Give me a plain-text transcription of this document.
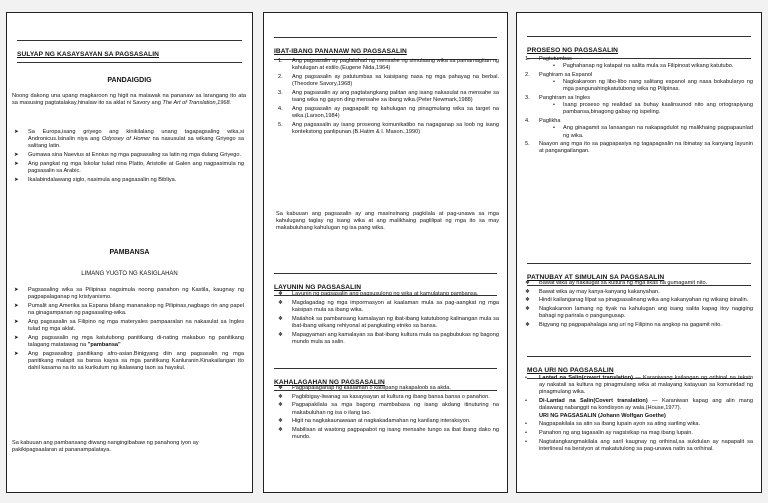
SULYAP NG KASAYSAYAN SA PAGSASALIN
PANDAIGDIG
Noong dakong una upang magkaroon ng higit na malawak na pananaw sa larangang ito ata sa masusing pagtatalakay,hinalaw ito sa aklat ni Savory ang The Art of Translation,1968.
➤ Sa Europa,isang griyego ang kinikilalang unang tagapagsaling wika,si Andronicus.Isinalin niya ang Odyssey of Homer na nasusulat sa wikang Griyego sa salitang latin.
➤ Gumawa sina Naevius at Ennius ng mga pagsasaling sa latin ng mga dulang Griyego.
➤ Ang pangkat ng mga Iskolar tulad nina Platto, Aristotle at Galen ang nagpasimula ng pagsasalin sa Arabic.
➤ Ikalabindalawang siglo, nasimula ang pagsasalin ng Bibliya.
PAMBANSA
LIMANG YUGTO NG KASIGLAHAN
➤ Pagsasaling wika sa Pilipinas nagsimula noong panahon ng Kastila, kaugnay ng pagpapalaganap ng kristyanismo.
➤ Pumalit ang Amerika sa Espana bilang mananakop ng Pilipinas,nagbago rin ang papel na ginagampanan ng pagsasaling-wika.
➤ Ang pagsasalin sa Filipino ng mga materyales pampaaralan na nakasulat sa Ingles tulad ng mga aklat.
➤ Ang pagsasalin ng mga katutubong panitikang di-nating makabuo ng panitikang talagang matatawag na "pambansa"
➤ Ang pagsasaling panitikang afro-asian.Binigyang diin ang pagsasalin ng mga panitikang malapit sa bansa kaysa sa mga panitikang Kanluranin.Kinakailangan ito dahil kasama na ito sa kurikulum ng ikalawang taon sa hayskul.
Sa kabuuan ang pambansang diwang nangingibabaw ng panahong iyon ay pakikipagsaalaran at pananampalataya.
IBAT-IBANG PANANAW NG PAGSASALIN
1. Ang pagsasalin ay paglalahad ng mensahe ng simulaang wika sa pamamagitan ng kahulugan at estilo.(Eugene Nida,1964)
2. Ang pagsasalin ay patutumbas sa kaisipang nasa ng mga pahayag na berbal.(Theodore Savory,1968)
3. Ang pagsasalin ay ang pagtatangkang palitan ang isang nakasulat na mensahe sa isang wika ng gayon ding mensahe sa ibang wika.(Peter Newmark,1988)
4. Ang pagsasalin ay pagpapalit ng kahulugan ng pinagmulang wika sa target na wika.(Larson,1984)
5. Ang pagsasalin ay isang proseong komunikatibo na nagaganap sa loob ng isang kontekstong panlipunan.(B.Hatim & I. Mason.,1990)
Sa kabuuan ang pagsasalin ay ang masinsinang pagkilala at pag-unawa sa mga kahulugang taglay ng isang wika at ang malikhaing paglilipat ng mga ito sa may makabuluhang kahulugan ng isa pang wika.
LAYUNIN NG PAGSASALIN
❖ Layunin ng pagsasalin ang pagsusulong ng wika at kamulatang pambansa.
❖ Magdagadag ng mga impormasyon at kaalaman mula sa pag-aangkat ng mga kaisipan mula sa ibang wika.
❖ Maiiahok sa pambansang kamalayan ng ibat-ibang katutubong kalinangan mula sa ibat-ibang wikang rehiyonal at pangkating etniko sa bansa.
❖ Mapagyaman ang kamalayan sa ibat-ibang kultura mula sa pagbubukas ng bagong mundo mula sa salin.
KAHALAGAHAN NG PAGSASALIN
❖ Pagpapalaganap ng kaalaman o kaisipang nakapaloob sa akda.
❖ Pagbibigay-liwanag sa kasaysayan at kultura ng ibang bansa bansa o panahon.
❖ Pagpapakilala sa mga bagong mambabasa ng isang akdang itinuturing na makabuluhan ng isa o ilang tao.
❖ Higit na nagkakaunawaan at nagkakadamahan ng kanilang interaksyon.
❖ Mabilisan at wastong pagpapabot ng isang mensahe tungo sa ibat ibang dako ng mundo.
PROSESO NG PAGSASALIN
1. Pagtutumbas
• Paghahanap ng katapat na salita mula sa Filipinoat wikang katutubo.
2. Paghiram sa Espanol
• Nagkakaroon ng libo-libo nang salitang espanol ang nasa bokabularyo ng mga pangunahingkatutubong wika ng Pilipinas.
3. Panghiram sa Ingles
• Isang proseso ng realidad sa buhay kaalinsunod nito ang ortograpiyang pambansa,binagong gabay ng ispeling.
4. Paglikha
• Ang ginagamit sa lansangan na nakapagdulot ng malikhaing pagpapaunlad ng wika.
5. Naayon ang mga ito sa pagpapasiya ng tagapagsalin na ibinatay sa kanyang layunin at pangangailangan.
PATNUBAY AT SIMULAIN SA PAGSASALIN
❖ Bawat wika ay nakaugat sa kultura ng mga ilkas na gumagamit nito.
❖ Bawat wika ay may kanya-kanyang kakanyahan.
❖ Hindi kailanganag lilpat sa pinagsasalinang wika ang kakanyahan ng wikang isinalin.
❖ Nagkakaroon lamang ng tiyak na kahulugan ang isang salita kapag itoy nagiging bahagi ng parirala o pangungusap.
❖ Bigyang ng pagpapahalaga ang uri ng Filipino na angkop na gagamit nito.
MGA URI NG PAGSASALIN
• Lantad na Salin(covert translation) — Karaniwang kailangan ng orihinal na teksto ay nakatali sa kultura ng pinagmulang wika at malayang katayuan sa komunidad ng pinagmulang wika.
• Di-Lantad na Salin(Covert translation) — Karaniwan kapag ang alin mang dalawang nabanggit na kondisyon ay wala.(House,1977).
URI NG PAGSASALIN (Johann Wolfgan Goethe)
• Nagpapakilala sa atin sa ibang lupain ayon sa ating sariling wika.
• Panahon ng ang tagasalin ay nagsisikap na mag ibang lupain.
• Nagtatangkangmakilala ang saril kaugnay ng orihinal,sa sukdulan ay napapalit sa interlineal na bersiyon at makatutulong sa pag-unawa natin sa orihinal.
